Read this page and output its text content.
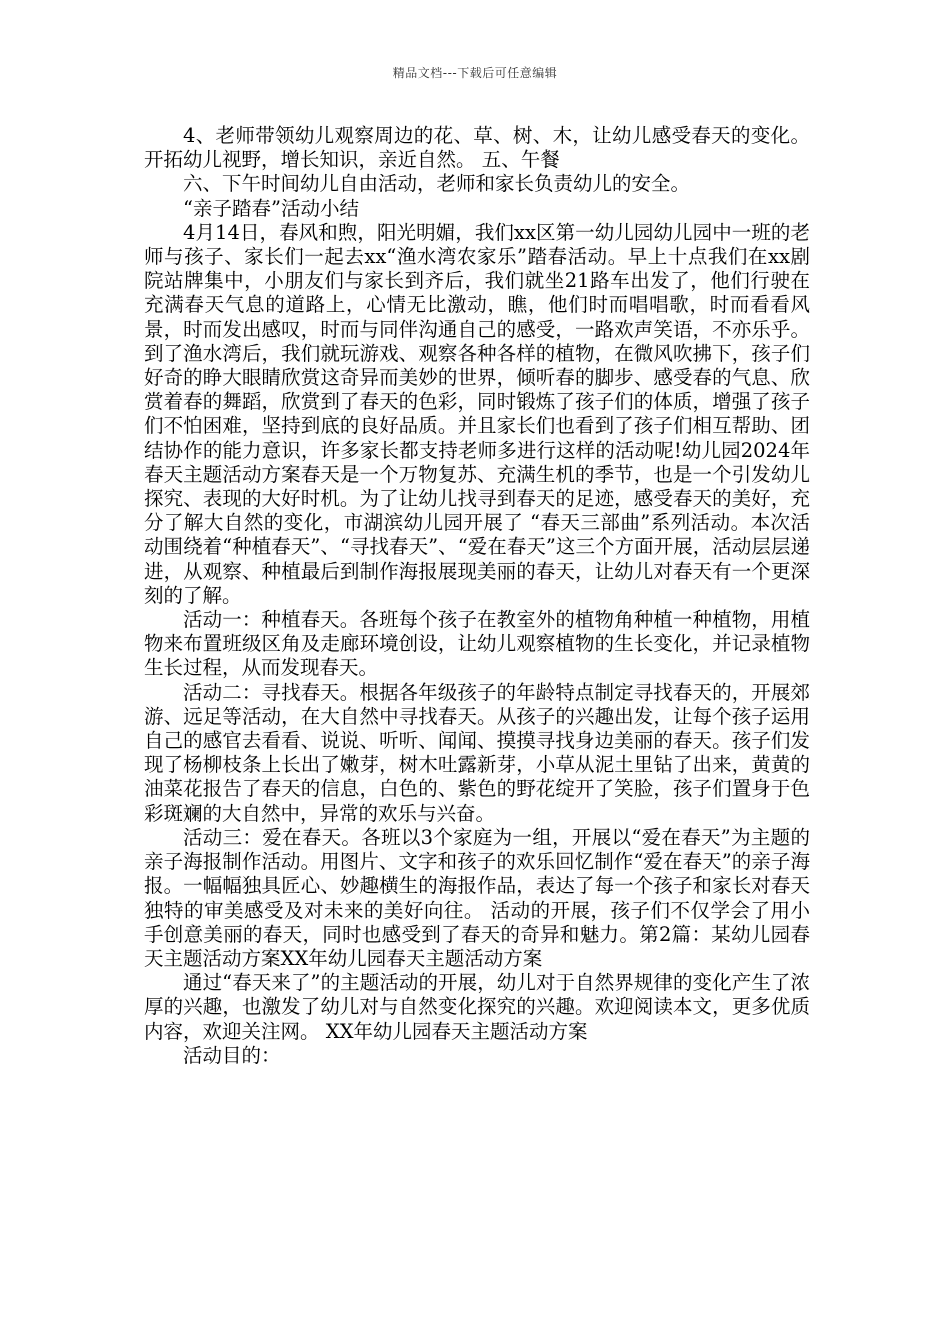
精品文档---下载后可任意编辑

4、老师带领幼儿观察周边的花、草、树、木，让幼儿感受春天的变化。开拓幼儿视野，增长知识，亲近自然。 五、午餐

六、下午时间幼儿自由活动，老师和家长负责幼儿的安全。

“亲子踏春”活动小结

4月14日，春风和煦，阳光明媚，我们xx区第一幼儿园幼儿园中一班的老师与孩子、家长们一起去xx“渔水湾农家乐”踏春活动。早上十点我们在xx剧院站牌集中，小朋友们与家长到齐后，我们就坐21路车出发了，他们行驶在充满春天气息的道路上，心情无比激动，瞧，他们时而唱唱歌，时而看看风景，时而发出感叹，时而与同伴沟通自己的感受，一路欢声笑语，不亦乐乎。 到了渔水湾后，我们就玩游戏、观察各种各样的植物，在微风吹拂下，孩子们好奇的睁大眼睛欣赏这奇异而美妙的世界，倾听春的脚步、感受春的气息、欣赏着春的舞蹈，欣赏到了春天的色彩，同时锻炼了孩子们的体质，增强了孩子们不怕困难，坚持到底的良好品质。并且家长们也看到了孩子们相互帮助、团结协作的能力意识，许多家长都支持老师多进行这样的活动呢!幼儿园2024年春天主题活动方案春天是一个万物复苏、充满生机的季节，也是一个引发幼儿探究、表现的大好时机。为了让幼儿找寻到春天的足迹，感受春天的美好，充分了解大自然的变化，市湖滨幼儿园开展了 “春天三部曲”系列活动。本次活动围绕着“种植春天”、“寻找春天”、“爱在春天”这三个方面开展，活动层层递进，从观察、种植最后到制作海报展现美丽的春天，让幼儿对春天有一个更深刻的了解。

活动一：种植春天。各班每个孩子在教室外的植物角种植一种植物，用植物来布置班级区角及走廊环境创设，让幼儿观察植物的生长变化，并记录植物生长过程，从而发现春天。

活动二：寻找春天。根据各年级孩子的年龄特点制定寻找春天的，开展郊游、远足等活动，在大自然中寻找春天。从孩子的兴趣出发，让每个孩子运用自己的感官去看看、说说、听听、闻闻、摸摸寻找身边美丽的春天。孩子们发现了杨柳枝条上长出了嫩芽，树木吐露新芽，小草从泥土里钻了出来，黄黄的油菜花报告了春天的信息，白色的、紫色的野花绽开了笑脸，孩子们置身于色彩斑斓的大自然中，异常的欢乐与兴奋。

活动三：爱在春天。各班以3个家庭为一组，开展以“爱在春天”为主题的亲子海报制作活动。用图片、文字和孩子的欢乐回忆制作“爱在春天”的亲子海报。一幅幅独具匠心、妙趣横生的海报作品，表达了每一个孩子和家长对春天独特的审美感受及对未来的美好向往。 活动的开展，孩子们不仅学会了用小手创意美丽的春天，同时也感受到了春天的奇异和魅力。第2篇：某幼儿园春天主题活动方案XX年幼儿园春天主题活动方案

通过“春天来了”的主题活动的开展，幼儿对于自然界规律的变化产生了浓厚的兴趣，也激发了幼儿对与自然变化探究的兴趣。欢迎阅读本文，更多优质内容，欢迎关注网。 XX年幼儿园春天主题活动方案

活动目的：
